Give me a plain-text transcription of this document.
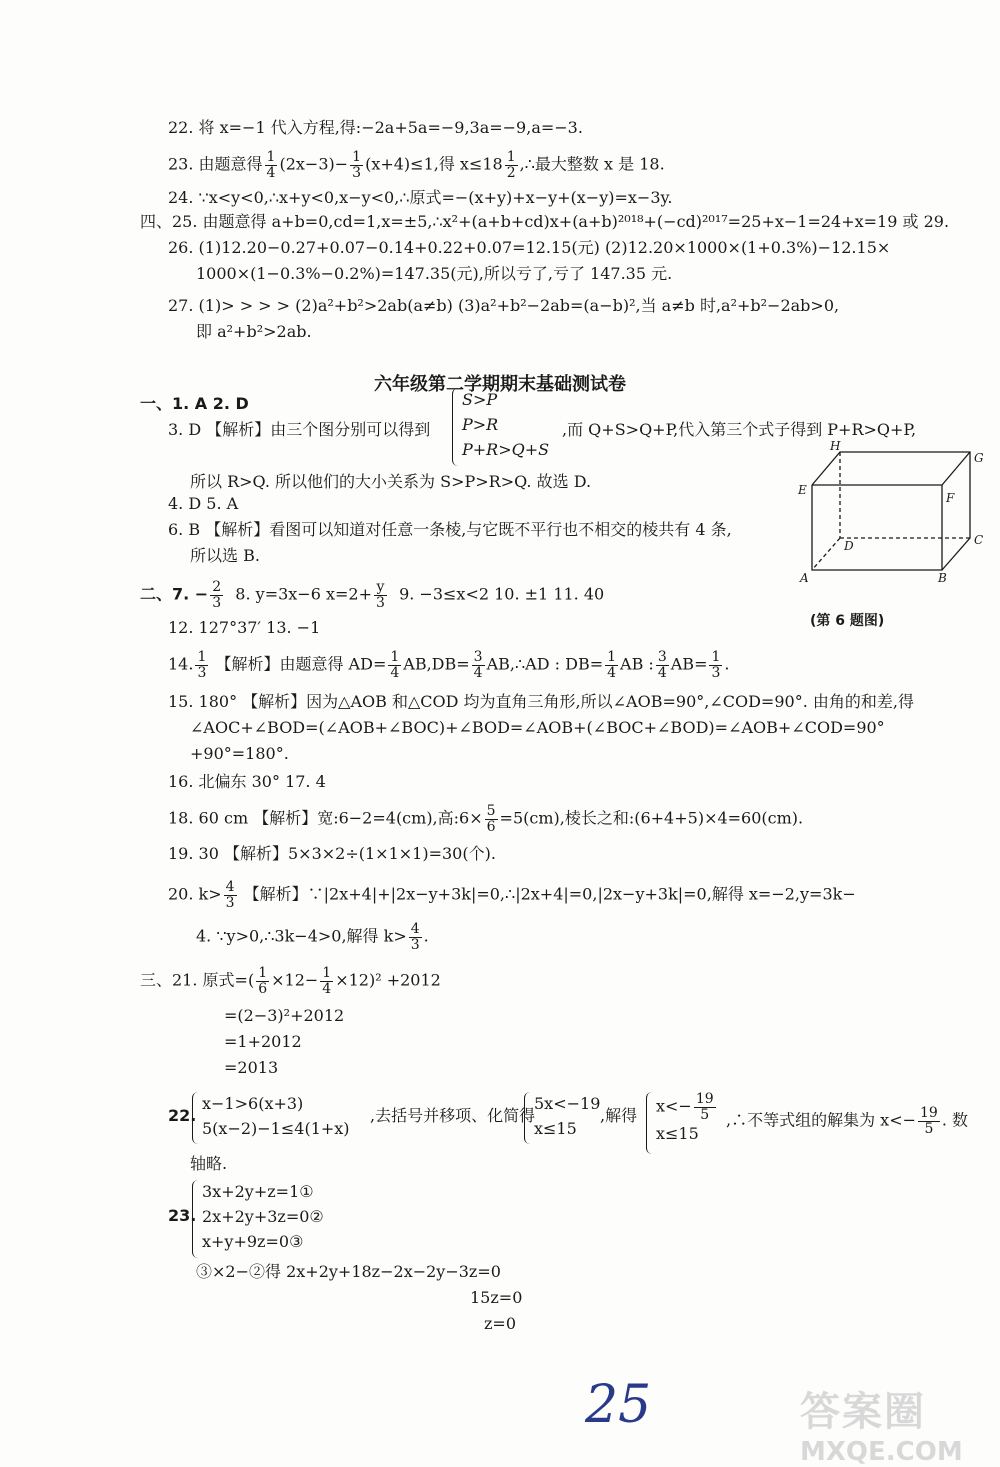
22. 将 x=−1 代入方程,得:−2a+5a=−9,3a=−9,a=−3.
23. 由题意得 $\frac{1}{4} (2x-3)- \frac{1}{3} (x+4)\le 1$,得 $x\le 18 \frac{1}{2}$ ,∴最大整数 x 是 18.
24. ∵x<y<0,∴x+y<0,x−y<0,∴原式=−(x+y)+x−y+(x−y)=x−3y.
四、25. 由题意得 a+b=0,cd=1,x=±5,∴x²+(a+b+cd)x+(a+b)²⁰¹⁸+(−cd)²⁰¹⁷=25+x−1=24+x=19 或 29.
26. (1)12.20−0.27+0.07−0.14+0.22+0.07=12.15(元) (2)12.20×1000×(1+0.3%)−12.15×
1000×(1−0.3%−0.2%)=147.35(元),所以亏了,亏了 147.35 元.
27. (1)> > > > (2)a²+b²>2ab(a≠b) (3)a²+b²−2ab=(a−b)²,当 a≠b 时,a²+b²−2ab>0,
即 a²+b²>2ab.
六年级第二学期期末基础测试卷
一、1. A 2. D
3. D 【解析】由三个图分别可以得到
S>P
P>R
P+R>Q+S
,而 Q+S>Q+P,代入第三个式子得到 P+R>Q+P,
所以 R>Q. 所以他们的大小关系为 S>P>R>Q. 故选 D.
4. D 5. A
6. B 【解析】看图可以知道对任意一条棱,与它既不平行也不相交的棱共有 4 条,
所以选 B.
H
G
E
F
D	C
A	B
(第 6 题图)
二、7. − $\frac{2}{3} 8$. y=3x−6 $x=2+ \frac{y}{3} 9$. −3≤x<2 10. ±1 11. 40
12. 127°37′ 13. −1
14. $\frac{1}{3}$ 【解析】由题意得 $AD= \frac{1}{4} AB,DB= \frac{3}{4}$ AB,∴AD : $DB= \frac{1}{4}$ AB : $\frac{3}{4} AB= \frac{1}{3}$ .
15. 180° 【解析】因为△AOB 和△COD 均为直角三角形,所以∠AOB=90°,∠COD=90°. 由角的和差,得
∠AOC+∠BOD=(∠AOB+∠BOC)+∠BOD=∠AOB+(∠BOC+∠BOD)=∠AOB+∠COD=90°
+90°=180°.
16. 北偏东 30° 17. 4
18. 60 cm 【解析】宽:6−2=4(cm),高:6× $\frac{5}{6} =5(cm)$,棱长之和:(6+4+5)×4=60(cm).
19. 30 【解析】5×3×2÷(1×1×1)=30(个).
20. $k> \frac{4}{3}$ 【解析】∵|2x+4|+|2x−y+3k|=0,∴|2x+4|=0,|2x−y+3k|=0,解得 x=−2,y=3k−
4. ∵y>0,∴3k−4>0,解得 $k> \frac{4}{3}$ .
三、21. 原式=( $\frac{1}{6} \times 12- \frac{1}{4} \times 12)^2 +2012$
=(2−3)²+2012
=1+2012
=2013
22.
x−1>6(x+3)
5(x−2)−1≤4(1+x)
,去括号并移项、化简得
5x<−19
x≤15
,解得 $x<- \frac{19}{5}$
x≤15
,∴不等式组的解集为 $x<- \frac{19}{5}$ . 数
轴略.
23.
3x+2y+z=1①
2x+2y+3z=0②
x+y+9z=0③
③×2−②得 2x+2y+18z−2x−2y−3z=0
15z=0
z=0
25	答案圈
MXQE.COM
